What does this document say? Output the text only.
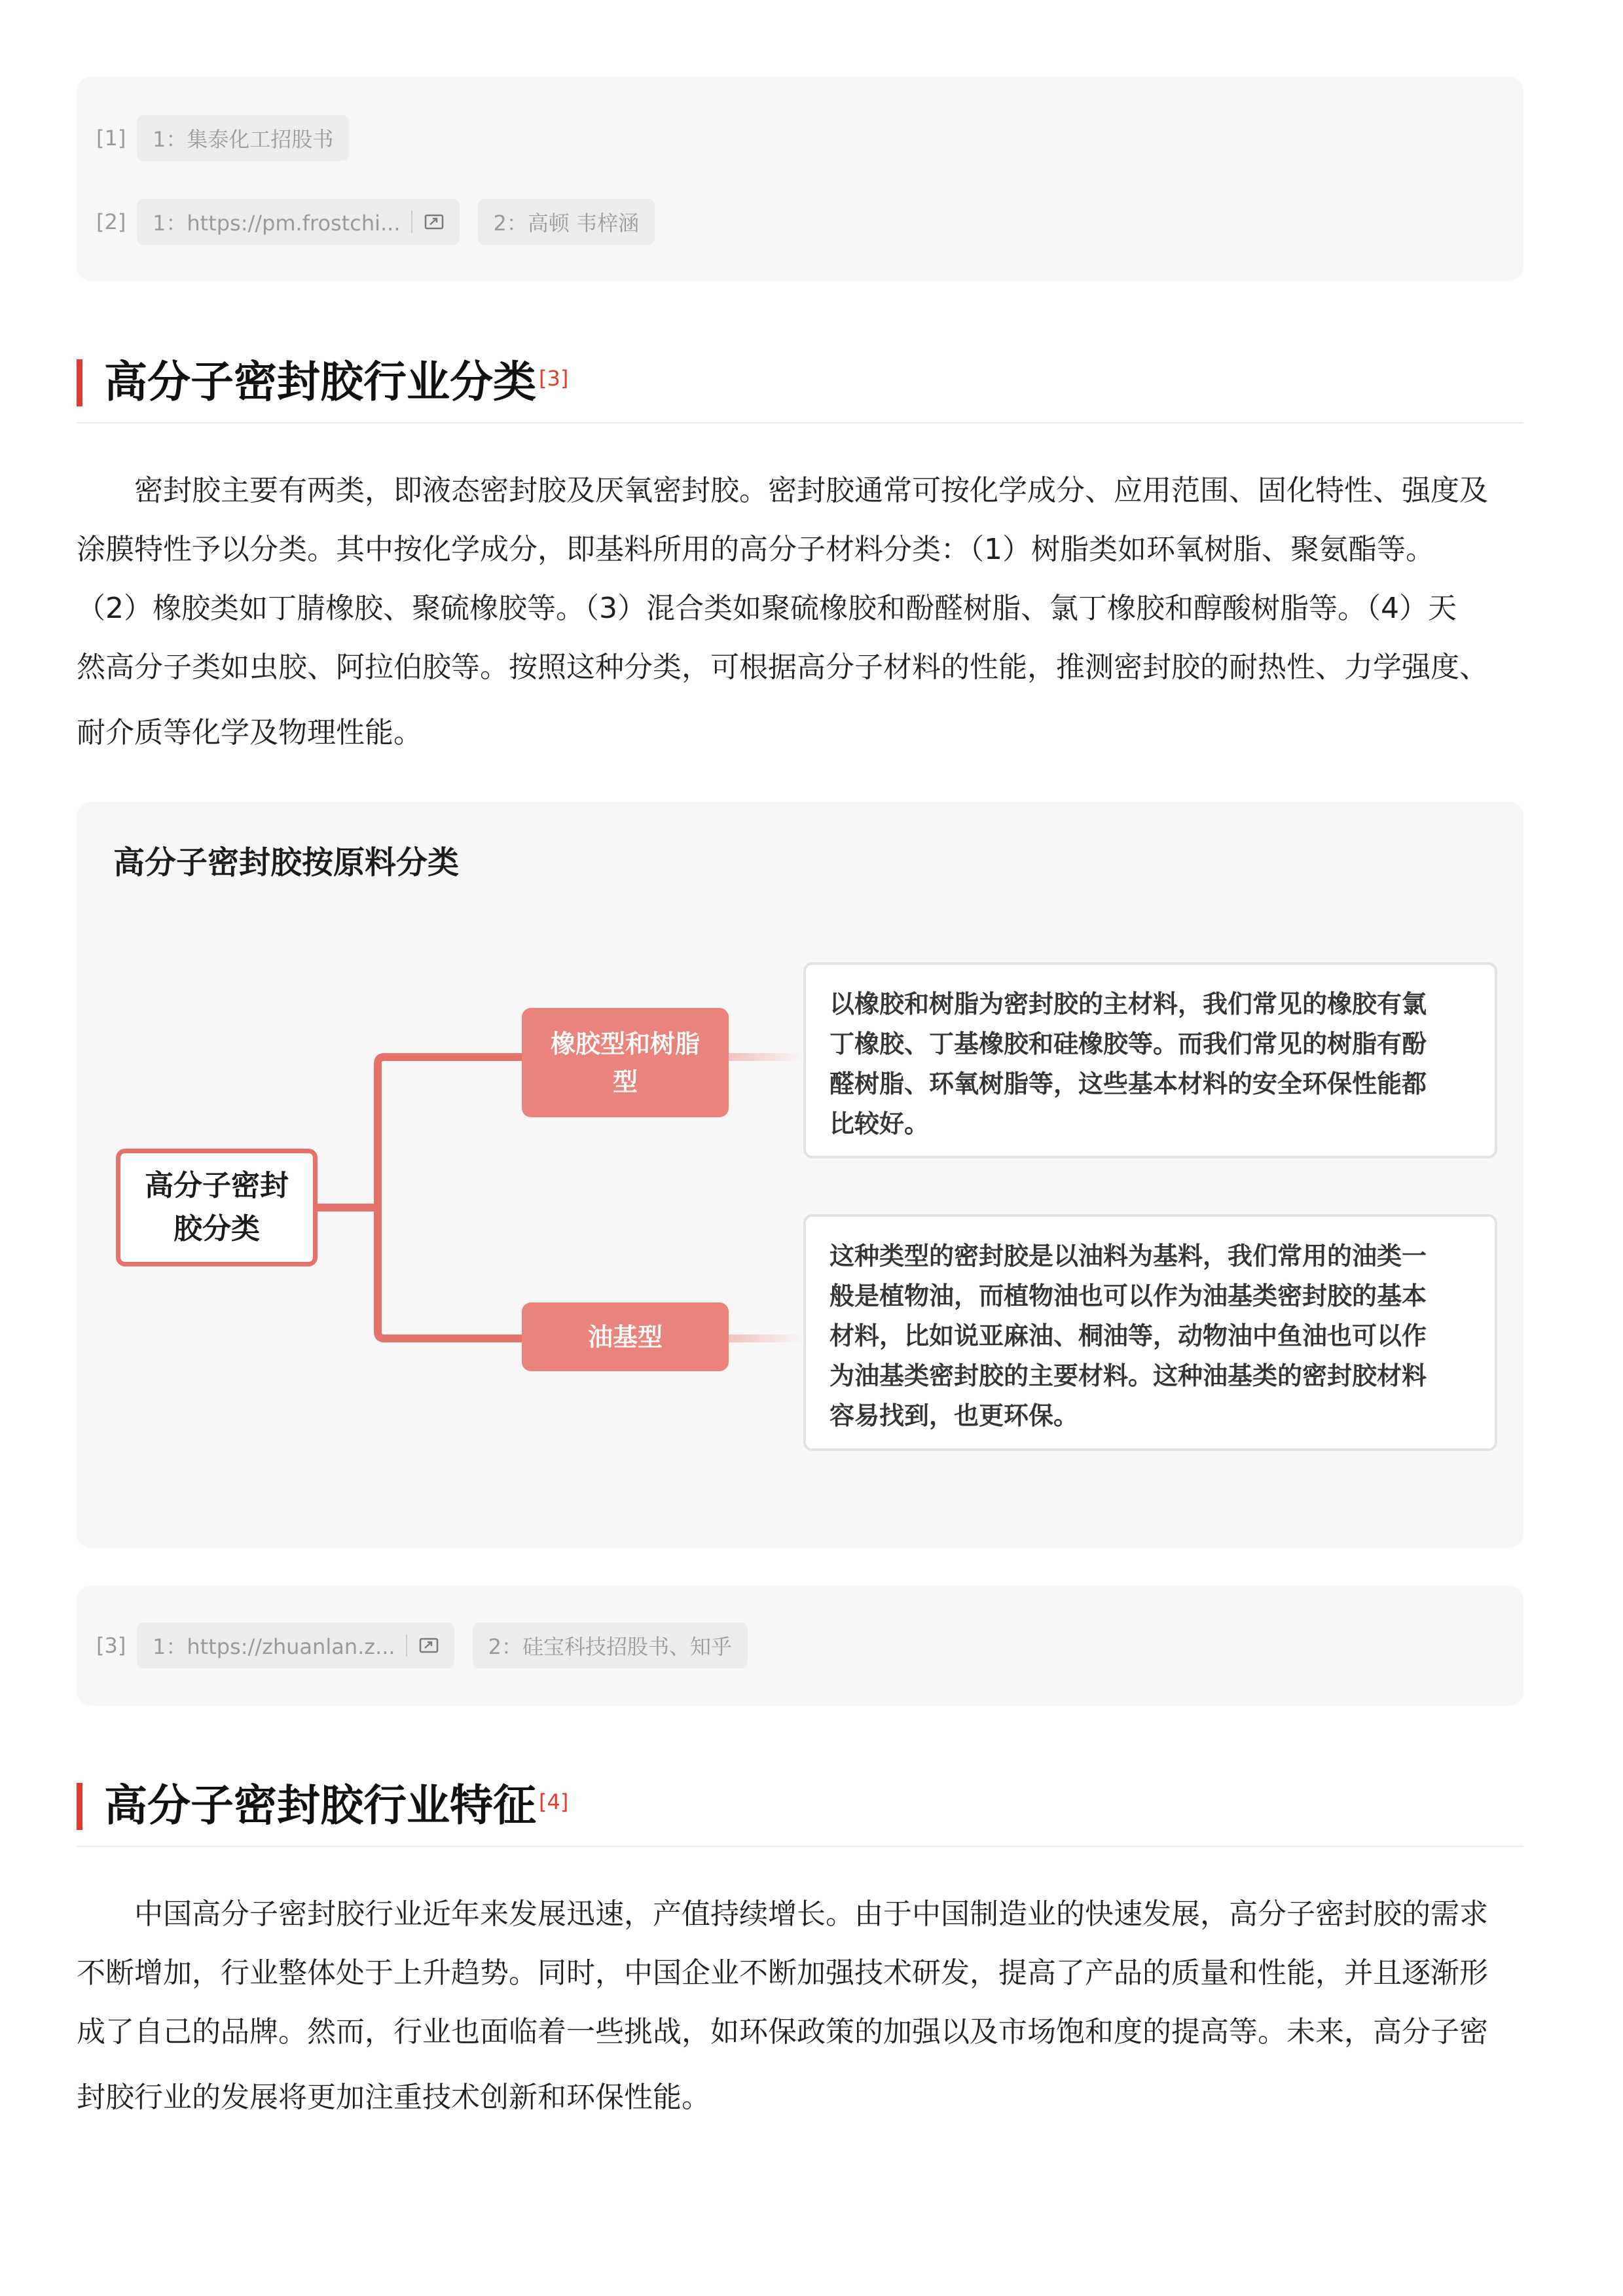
[1]	1：集泰化工招股书
[2]	1：https://pm.frostchi...	2：高顿 韦梓涵
高分子密封胶行业分类 [3]
　　密封胶主要有两类，即液态密封胶及厌氧密封胶。密封胶通常可按化学成分、应用范围、固化特性、强度及
涂膜特性予以分类。其中按化学成分，即基料所用的高分子材料分类：（1）树脂类如环氧树脂、聚氨酯等。
（2）橡胶类如丁腈橡胶、聚硫橡胶等。（3）混合类如聚硫橡胶和酚醛树脂、氯丁橡胶和醇酸树脂等。（4）天
然高分子类如虫胶、阿拉伯胶等。按照这种分类，可根据高分子材料的性能，推测密封胶的耐热性、力学强度、
耐介质等化学及物理性能。
高分子密封胶按原料分类
高分子密封
胶分类
橡胶型和树脂
型
油基型
以橡胶和树脂为密封胶的主材料，我们常见的橡胶有氯
丁橡胶、丁基橡胶和硅橡胶等。而我们常见的树脂有酚
醛树脂、环氧树脂等，这些基本材料的安全环保性能都
比较好。
这种类型的密封胶是以油料为基料，我们常用的油类一
般是植物油，而植物油也可以作为油基类密封胶的基本
材料，比如说亚麻油、桐油等，动物油中鱼油也可以作
为油基类密封胶的主要材料。这种油基类的密封胶材料
容易找到，也更环保。
[3]	1：https://zhuanlan.z...	2：硅宝科技招股书、知乎
高分子密封胶行业特征 [4]
　　中国高分子密封胶行业近年来发展迅速，产值持续增长。由于中国制造业的快速发展，高分子密封胶的需求
不断增加，行业整体处于上升趋势。同时，中国企业不断加强技术研发，提高了产品的质量和性能，并且逐渐形
成了自己的品牌。然而，行业也面临着一些挑战，如环保政策的加强以及市场饱和度的提高等。未来，高分子密
封胶行业的发展将更加注重技术创新和环保性能。
